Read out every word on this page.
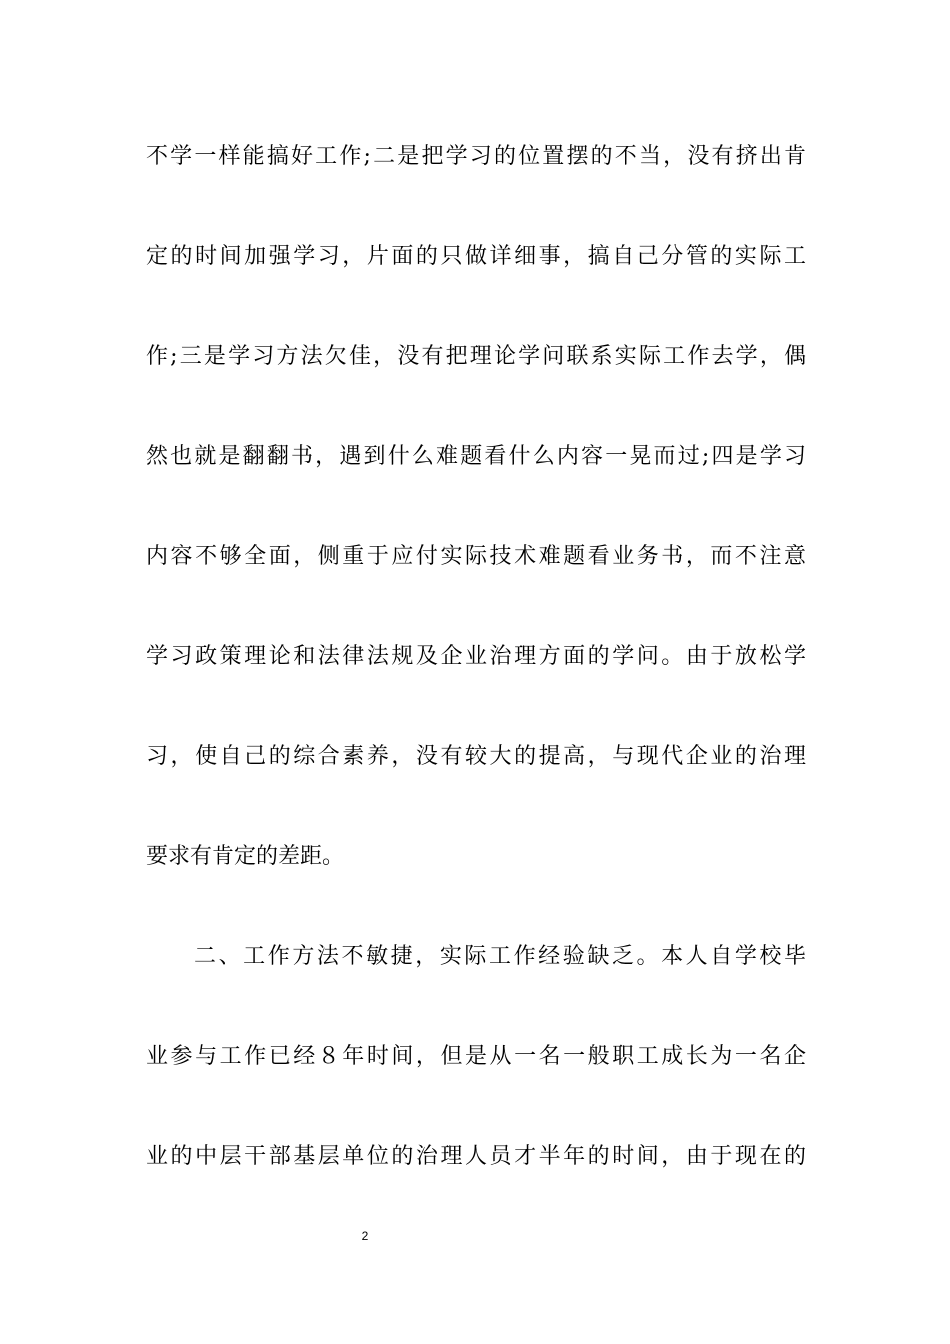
不学一样能搞好工作;二是把学习的位置摆的不当，没有挤出肯
定的时间加强学习，片面的只做详细事，搞自己分管的实际工
作;三是学习方法欠佳，没有把理论学问联系实际工作去学，偶
然也就是翻翻书，遇到什么难题看什么内容一晃而过;四是学习
内容不够全面，侧重于应付实际技术难题看业务书，而不注意
学习政策理论和法律法规及企业治理方面的学问。由于放松学
习，使自己的综合素养，没有较大的提高，与现代企业的治理
要求有肯定的差距。
二、工作方法不敏捷，实际工作经验缺乏。本人自学校毕
业参与工作已经８年时间，但是从一名一般职工成长为一名企
业的中层干部基层单位的治理人员才半年的时间，由于现在的
2
